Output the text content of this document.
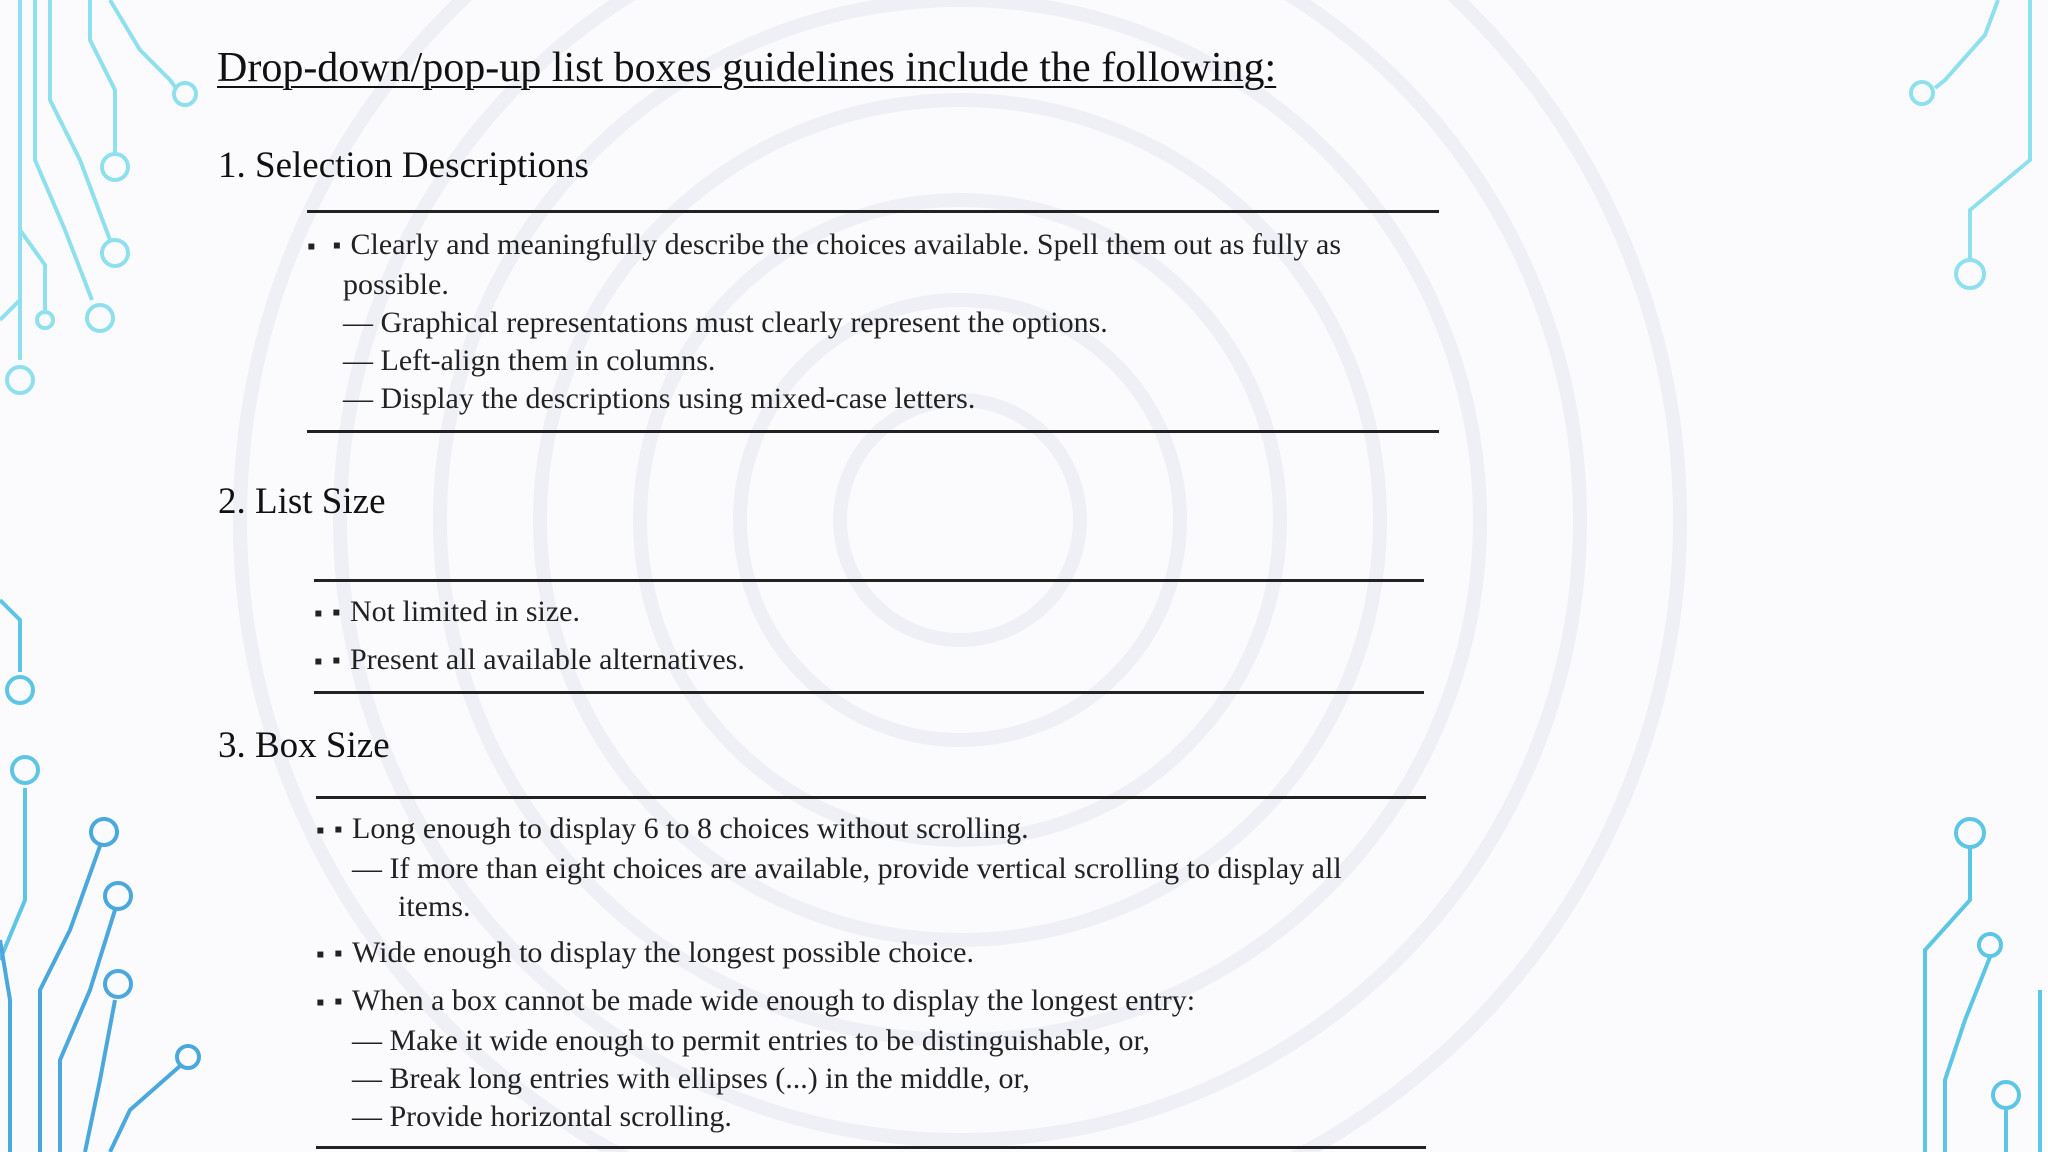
Drop-down/pop-up list boxes guidelines include the following:
1. Selection Descriptions

▪ ▪ Clearly and meaningfully describe the choices available. Spell them out as fully as

possible.

— Graphical representations must clearly represent the options.

— Left-align them in columns.

— Display the descriptions using mixed-case letters.

2. List Size

▪ ▪ Not limited in size.

▪ ▪ Present all available alternatives.

3. Box Size

▪ ▪ Long enough to display 6 to 8 choices without scrolling.

— If more than eight choices are available, provide vertical scrolling to display all

items.

▪ ▪ Wide enough to display the longest possible choice.

▪ ▪ When a box cannot be made wide enough to display the longest entry:

— Make it wide enough to permit entries to be distinguishable, or,

— Break long entries with ellipses (...) in the middle, or,

— Provide horizontal scrolling.
